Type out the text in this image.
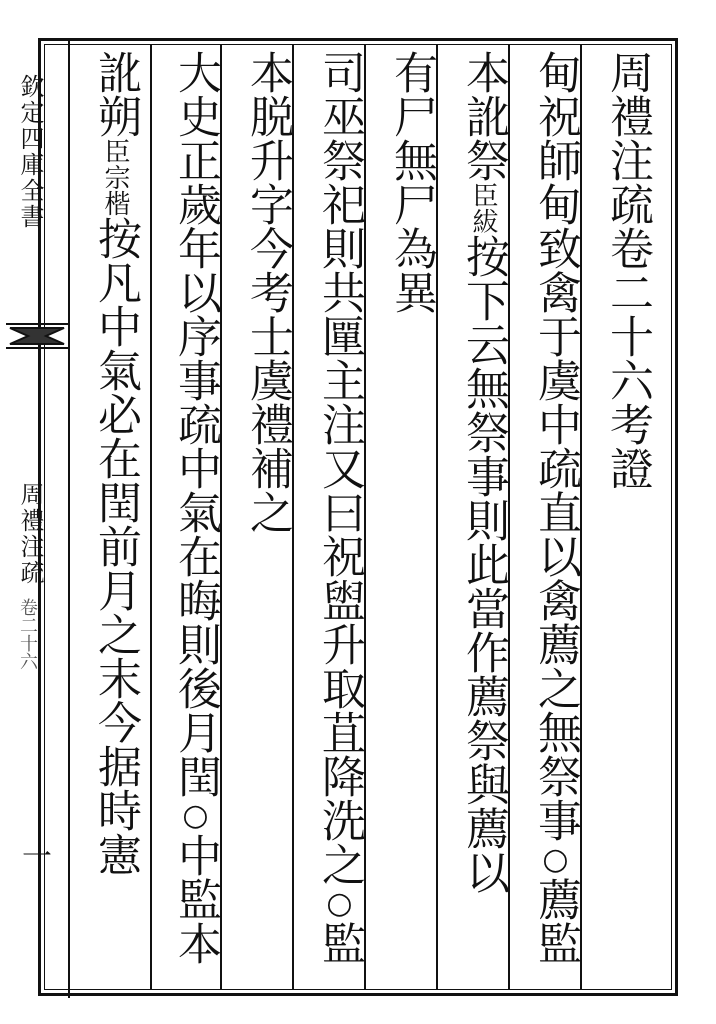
欽定四庫全書
周禮注疏
卷二十六
一
周禮注疏卷二十六考證
甸祝師甸致禽于虞中疏直以禽薦之無祭事○薦監
本訛祭臣紱按下云無祭事則此當作薦祭與薦以
有尸無尸為異
司巫祭祀則共匰主注又曰祝盥升取苴降洗之○監
本脱升字今考士虞禮補之
大史正歲年以序事疏中氣在晦則後月閏○中監本
訛朔臣宗楷按凡中氣必在閏前月之末今据時憲
